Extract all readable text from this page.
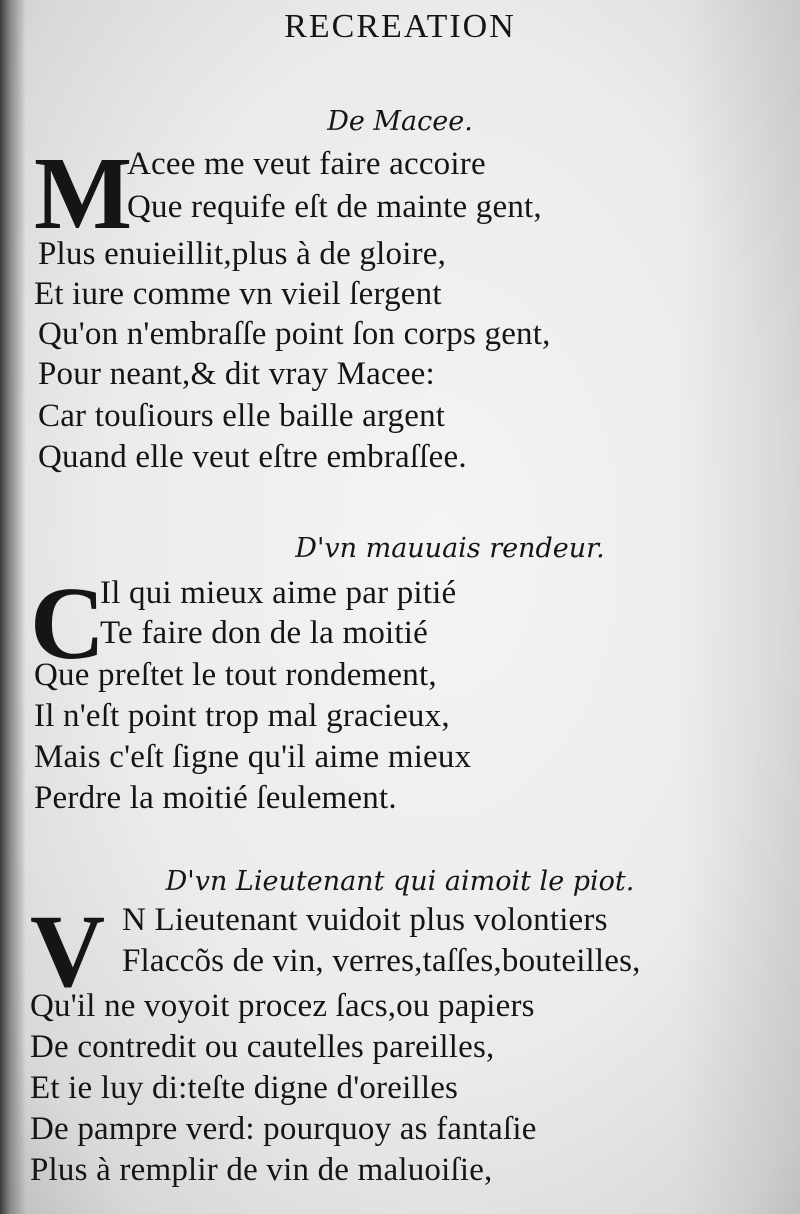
RECREATION
De Macee.
M
Acee me veut faire accoire
Que requife eſt de mainte gent,
Plus enuieillit,plus à de gloire,
Et iure comme vn vieil ſergent
Qu'on n'embraſſe point ſon corps gent,
Pour neant,& dit vray Macee:
Car touſiours elle baille argent
Quand elle veut eſtre embraſſee.
D'vn mauuais rendeur.
C
Il qui mieux aime par pitié
Te faire don de la moitié
Que preſtet le tout rondement,
Il n'eſt point trop mal gracieux,
Mais c'eſt ſigne qu'il aime mieux
Perdre la moitié ſeulement.
D'vn Lieutenant qui aimoit le piot.
V N Lieutenant vuidoit plus volontiers
Flaccõs de vin, verres,taſſes,bouteilles,
Qu'il ne voyoit procez ſacs,ou papiers
De contredit ou cautelles pareilles,
Et ie luy di:teſte digne d'oreilles
De pampre verd: pourquoy as fantaſie
Plus à remplir de vin de maluoiſie,
